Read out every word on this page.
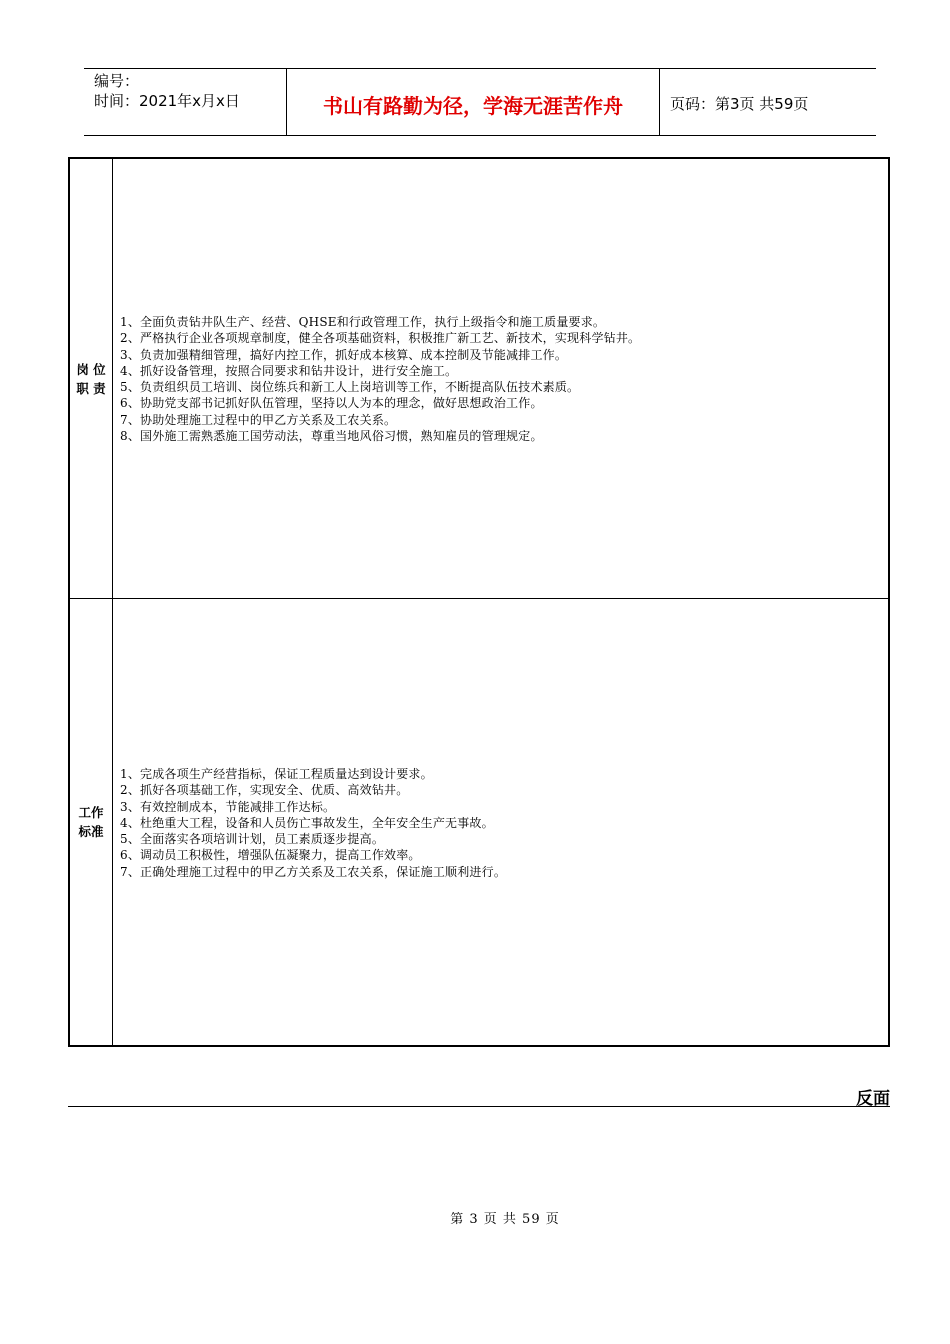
编号：
时间：2021年x月x日	书山有路勤为径，学海无涯苦作舟	页码：第3页 共59页
岗 位
职 责

1、全面负责钻井队生产、经营、QHSE和行政管理工作，执行上级指令和施工质量要求。

2、严格执行企业各项规章制度，健全各项基础资料，积极推广新工艺、新技术，实现科学钻井。

3、负责加强精细管理，搞好内控工作，抓好成本核算、成本控制及节能减排工作。

4、抓好设备管理，按照合同要求和钻井设计，进行安全施工。

5、负责组织员工培训、岗位练兵和新工人上岗培训等工作，不断提高队伍技术素质。

6、协助党支部书记抓好队伍管理，坚持以人为本的理念，做好思想政治工作。

7、协助处理施工过程中的甲乙方关系及工农关系。

8、国外施工需熟悉施工国劳动法，尊重当地风俗习惯，熟知雇员的管理规定。

工作
标准

1、完成各项生产经营指标，保证工程质量达到设计要求。

2、抓好各项基础工作，实现安全、优质、高效钻井。

3、有效控制成本，节能减排工作达标。

4、杜绝重大工程，设备和人员伤亡事故发生，全年安全生产无事故。

5、全面落实各项培训计划，员工素质逐步提高。

6、调动员工积极性，增强队伍凝聚力，提高工作效率。

7、正确处理施工过程中的甲乙方关系及工农关系，保证施工顺利进行。

反面
第 3 页 共 59 页
